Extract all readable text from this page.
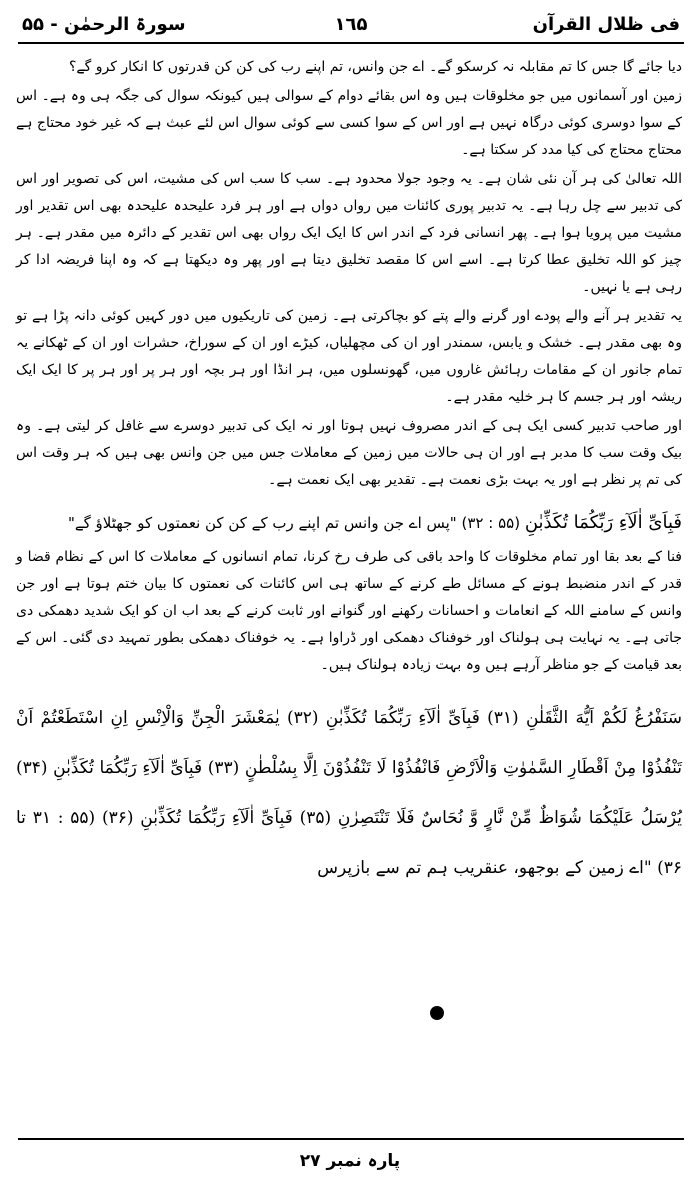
فی ظلال القرآن
۱٦۵
سورۃ الرحمٰن - ۵۵

دیا جائے گا جس کا تم مقابلہ نہ کرسکو گے۔ اے جن وانس، تم اپنے رب کی کن کن قدرتوں کا انکار کرو گے؟

زمین اور آسمانوں میں جو مخلوقات ہیں وہ اس بقائے دوام کے سوالی ہیں کیونکہ سوال کی جگہ ہی وہ ہے۔ اس کے سوا دوسری کوئی درگاہ نہیں ہے اور اس کے سوا کسی سے کوئی سوال اس لئے عبث ہے کہ غیر خود محتاج ہے محتاج محتاج کی کیا مدد کر سکتا ہے۔

اللہ تعالیٰ کی ہر آن نئی شان ہے۔ یہ وجود جولا محدود ہے۔ سب کا سب اس کی مشیت، اس کی تصویر اور اس کی تدبیر سے چل رہا ہے۔ یہ تدبیر پوری کائنات میں رواں دواں ہے اور ہر فرد علیحدہ علیحدہ بھی اس تقدیر اور مشیت میں پرویا ہوا ہے۔ پھر انسانی فرد کے اندر اس کا ایک ایک رواں بھی اس تقدیر کے دائرہ میں مقدر ہے۔ ہر چیز کو اللہ تخلیق عطا کرتا ہے۔ اسے اس کا مقصد تخلیق دیتا ہے اور پھر وہ دیکھتا ہے کہ وہ اپنا فریضہ ادا کر رہی ہے یا نہیں۔

یہ تقدیر ہر آنے والے پودے اور گرنے والے پتے کو بچاکرتی ہے۔ زمین کی تاریکیوں میں دور کہیں کوئی دانہ پڑا ہے تو وہ بھی مقدر ہے۔ خشک و یابس، سمندر اور ان کی مچھلیاں، کیڑے اور ان کے سوراخ، حشرات اور ان کے ٹھکانے یہ تمام جانور ان کے مقامات رہائش غاروں میں، گھونسلوں میں، ہر انڈا اور ہر بچہ اور ہر پر اور ہر پر کا ایک ایک ریشہ اور ہر جسم کا ہر خلیہ مقدر ہے۔

اور صاحب تدبیر کسی ایک ہی کے اندر مصروف نہیں ہوتا اور نہ ایک کی تدبیر دوسرے سے غافل کر لیتی ہے۔ وہ بیک وقت سب کا مدبر ہے اور ان ہی حالات میں زمین کے معاملات جس میں جن وانس بھی ہیں کہ ہر وقت اس کی تم پر نظر ہے اور یہ بہت بڑی نعمت ہے۔ تقدیر بھی ایک نعمت ہے۔

فَبِاَیِّ اٰلَآءِ رَبِّکُمَا تُکَذِّبٰنِ (۵۵ : ۳۲) "پس اے جن وانس تم اپنے رب کے کن کن نعمتوں کو جھٹلاؤ گے"

فنا کے بعد بقا اور تمام مخلوقات کا واحد باقی کی طرف رخ کرنا، تمام انسانوں کے معاملات کا اس کے نظام قضا و قدر کے اندر منضبط ہونے کے مسائل طے کرنے کے ساتھ ہی اس کائنات کی نعمتوں کا بیان ختم ہوتا ہے اور جن وانس کے سامنے اللہ کے انعامات و احسانات رکھنے اور گنوانے اور ثابت کرنے کے بعد اب ان کو ایک شدید دھمکی دی جاتی ہے۔ یہ نہایت ہی ہولناک اور خوفناک دھمکی اور ڈراوا ہے۔ یہ خوفناک دھمکی بطور تمہید دی گئی۔ اس کے بعد قیامت کے جو مناظر آرہے ہیں وہ بہت زیادہ ہولناک ہیں۔

سَنَفْرُغُ لَکُمْ اَیُّهَ الثَّقَلٰنِ (۳۱) فَبِاَیِّ اٰلَآءِ رَبِّکُمَا تُکَذِّبٰنِ (۳۲) یٰمَعْشَرَ الْجِنِّ وَالْاِنْسِ اِنِ اسْتَطَعْتُمْ اَنْ تَنْفُذُوْا مِنْ اَقْطَارِ السَّمٰوٰتِ وَالْاَرْضِ فَانْفُذُوْا لَا تَنْفُذُوْنَ اِلَّا بِسُلْطٰنٍ (۳۳) فَبِاَیِّ اٰلَآءِ رَبِّکُمَا تُکَذِّبٰنِ (۳۴) یُرْسَلُ عَلَیْکُمَا شُوَاظٌ مِّنْ نَّارٍ وَّ نُحَاسٌ فَلَا تَنْتَصِرٰنِ (۳۵) فَبِاَیِّ اٰلَآءِ رَبِّکُمَا تُکَذِّبٰنِ (۳۶) (۵۵ : ۳۱ تا ۳۶) "اے زمین کے بوجھو، عنقریب ہم تم سے بازپرس

پارہ نمبر ۲۷
